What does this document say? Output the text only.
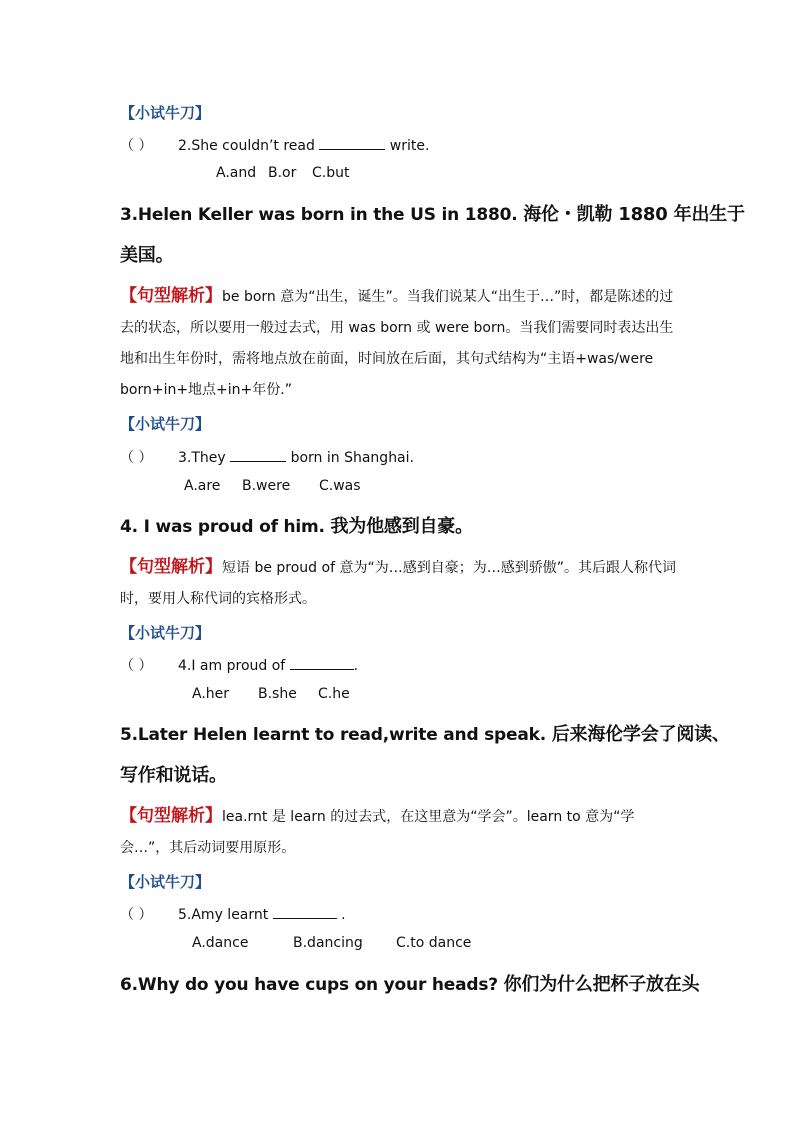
【小试牛刀】
（ ） 2.She couldn’t read	write.
A.and B.or C.but
3.Helen Keller was born in the US in 1880. 海伦・凯勒 1880 年出生于
美国。
【句型解析】be born 意为“出生，诞生”。当我们说某人“出生于…”时，都是陈述的过去的状态，所以要用一般过去式，用 was born 或 were born。当我们需要同时表达出生地和出生年份时，需将地点放在前面，时间放在后面，其句式结构为“主语+was/were born+in+地点+in+年份.”
【小试牛刀】
（ ） 3.They	born in Shanghai.
A.are B.were C.was
4. I was proud of him. 我为他感到自豪。
【句型解析】短语 be proud of 意为“为…感到自豪；为…感到骄傲”。其后跟人称代词时，要用人称代词的宾格形式。
【小试牛刀】
（ ） 4.I am proud of	.
A.her B.she C.he
5.Later Helen learnt to read,write and speak. 后来海伦学会了阅读、
写作和说话。
【句型解析】lea.rnt 是 learn 的过去式，在这里意为“学会”。learn to 意为“学会…”，其后动词要用原形。
【小试牛刀】
（ ） 5.Amy learnt	.
A.dance	B.dancing C.to dance
6.Why do you have cups on your heads? 你们为什么把杯子放在头
